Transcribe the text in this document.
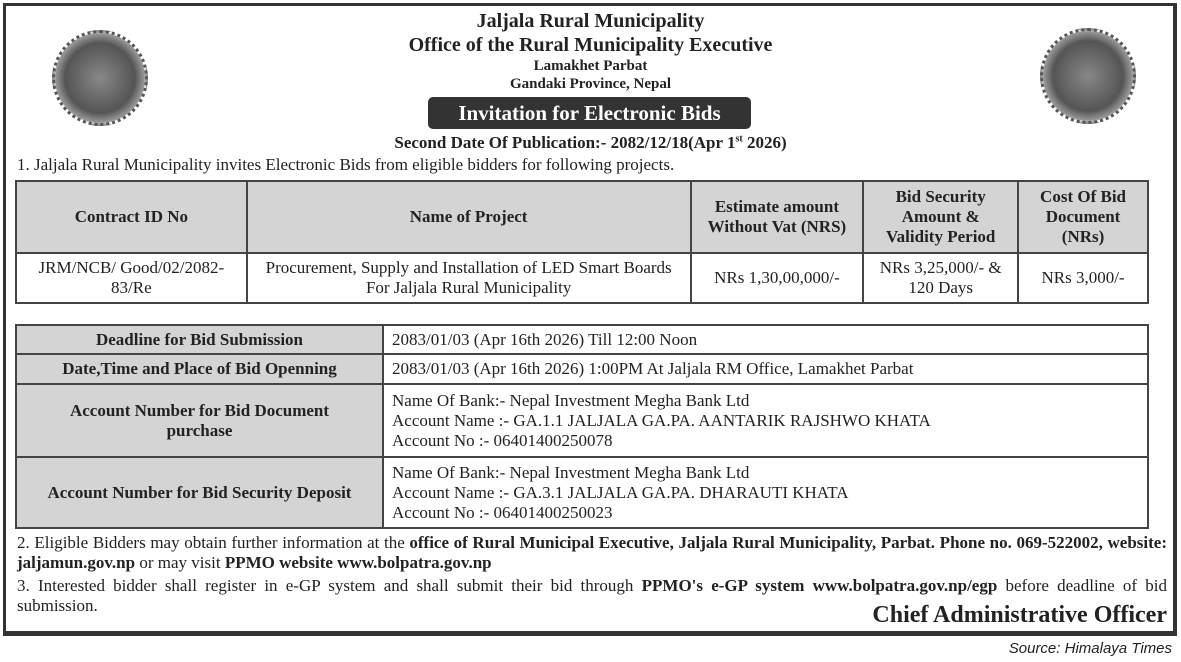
Jaljala Rural Municipality
Office of the Rural Municipality Executive
Lamakhet Parbat
Gandaki Province, Nepal
Invitation for Electronic Bids
Second Date Of Publication:- 2082/12/18(Apr 1st 2026)
1. Jaljala Rural Municipality invites Electronic Bids from eligible bidders for following projects.
Contract ID No	Name of Project	Estimate amount Without Vat (NRS)	Bid Security Amount & Validity Period	Cost Of Bid Document (NRs)
JRM/NCB/ Good/02/2082-83/Re	Procurement, Supply and Installation of LED Smart Boards For Jaljala Rural Municipality	NRs 1,30,00,000/-	NRs 3,25,000/- & 120 Days	NRs 3,000/-
Deadline for Bid Submission	2083/01/03 (Apr 16th 2026) Till 12:00 Noon
Date,Time and Place of Bid Openning	2083/01/03 (Apr 16th 2026) 1:00PM At Jaljala RM Office, Lamakhet Parbat
Account Number for Bid Document purchase	Name Of Bank:- Nepal Investment Megha Bank Ltd
Account Name :- GA.1.1 JALJALA GA.PA. AANTARIK RAJSHWO KHATA
Account No :- 06401400250078

Account Number for Bid Security Deposit	Name Of Bank:- Nepal Investment Megha Bank Ltd
Account Name :- GA.3.1 JALJALA GA.PA. DHARAUTI KHATA
Account No :- 06401400250023
2. Eligible Bidders may obtain further information at the office of Rural Municipal Executive, Jaljala Rural Municipality, Parbat. Phone no. 069-522002, website: jaljamun.gov.np or may visit PPMO website www.bolpatra.gov.np
3. Interested bidder shall register in e-GP system and shall submit their bid through PPMO's e-GP system www.bolpatra.gov.np/egp before deadline of bid submission.	Chief Administrative Officer
Source: Himalaya Times
